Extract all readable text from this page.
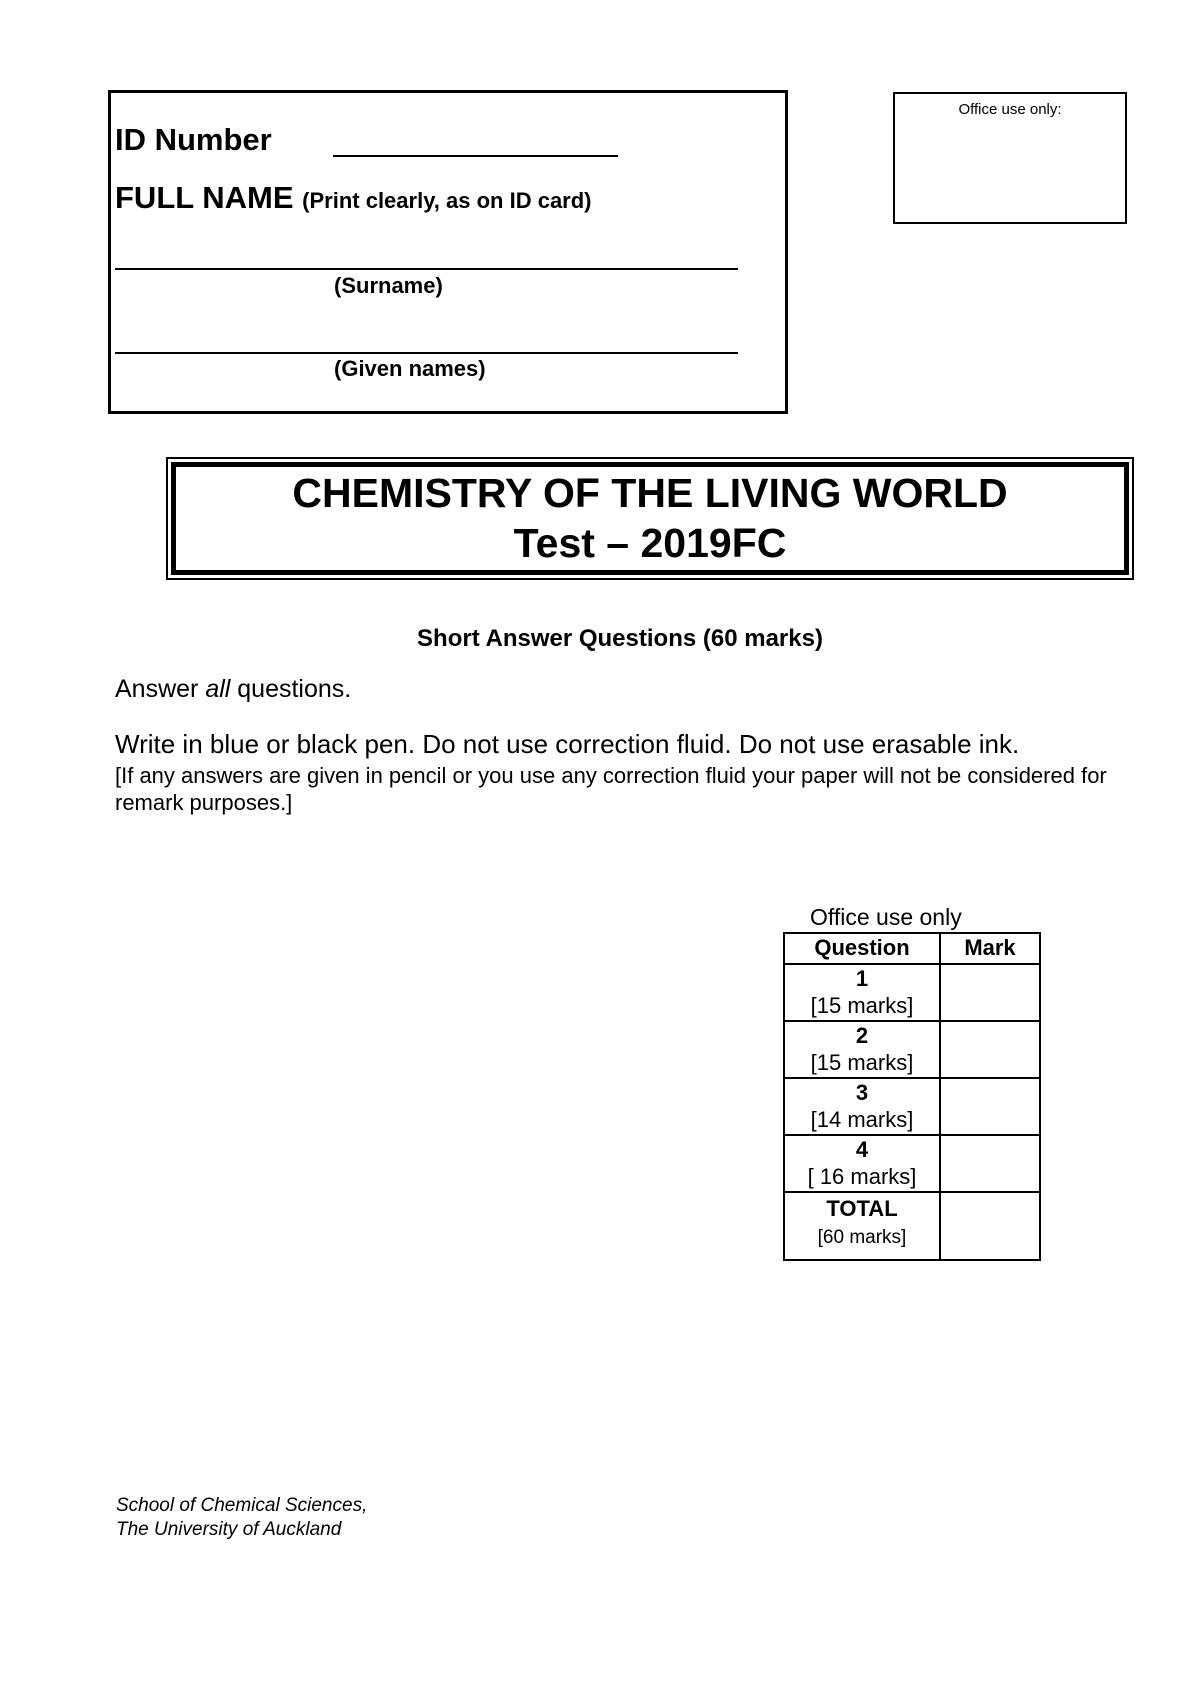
ID Number
FULL NAME (Print clearly, as on ID card)
(Surname)
(Given names)
Office use only:
CHEMISTRY OF THE LIVING WORLD
Test – 2019FC
Short Answer Questions (60 marks)
Answer all questions.
Write in blue or black pen. Do not use correction fluid. Do not use erasable ink.
[If any answers are given in pencil or you use any correction fluid your paper will not be considered for remark purposes.]
Office use only
Question	Mark

1
[15 marks]	

2
[15 marks]	

3
[14 marks]	

4
[ 16 marks]	

TOTAL
[60 marks]	

School of Chemical Sciences,
The University of Auckland
